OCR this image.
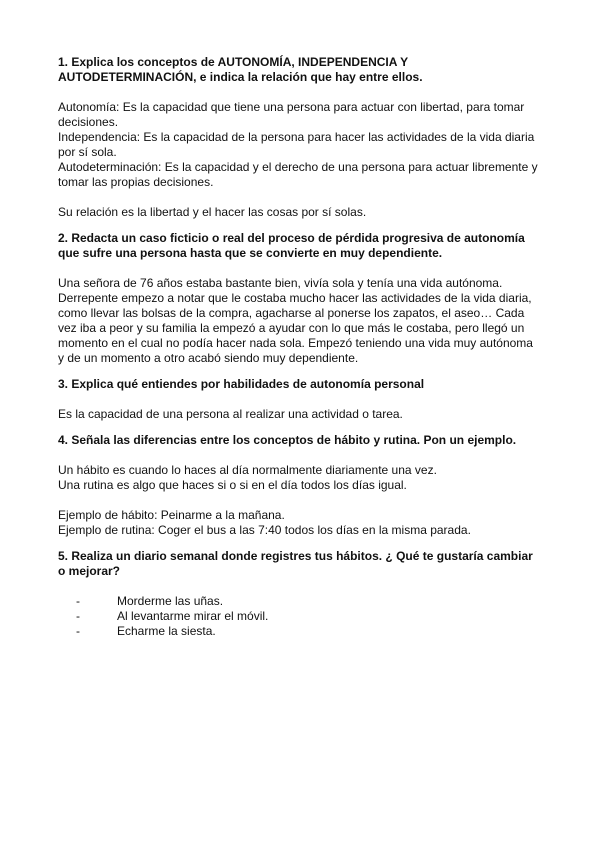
1. Explica los conceptos de AUTONOMÍA, INDEPENDENCIA Y

AUTODETERMINACIÓN, e indica la relación que hay entre ellos.

Autonomía: Es la capacidad que tiene una persona para actuar con libertad, para tomar

decisiones.

Independencia: Es la capacidad de la persona para hacer las actividades de la vida diaria

por sí sola.

Autodeterminación: Es la capacidad y el derecho de una persona para actuar libremente y

tomar las propias decisiones.

Su relación es la libertad y el hacer las cosas por sí solas.

2. Redacta un caso ficticio o real del proceso de pérdida progresiva de autonomía

que sufre una persona hasta que se convierte en muy dependiente.

Una señora de 76 años estaba bastante bien, vivía sola y tenía una vida autónoma.

Derrepente empezo a notar que le costaba mucho hacer las actividades de la vida diaria,

como llevar las bolsas de la compra, agacharse al ponerse los zapatos, el aseo… Cada

vez iba a peor y su familia la empezó a ayudar con lo que más le costaba, pero llegó un

momento en el cual no podía hacer nada sola. Empezó teniendo una vida muy autónoma

y de un momento a otro acabó siendo muy dependiente.

3. Explica qué entiendes por habilidades de autonomía personal

Es la capacidad de una persona al realizar una actividad o tarea.

4. Señala las diferencias entre los conceptos de hábito y rutina. Pon un ejemplo.

Un hábito es cuando lo haces al día normalmente diariamente una vez.

Una rutina es algo que haces si o si en el día todos los días igual.

Ejemplo de hábito: Peinarme a la mañana.

Ejemplo de rutina: Coger el bus a las 7:40 todos los días en la misma parada.

5. Realiza un diario semanal donde registres tus hábitos. ¿ Qué te gustaría cambiar

o mejorar?

-	Morderme las uñas.
-	Al levantarme mirar el móvil.
-	Echarme la siesta.
